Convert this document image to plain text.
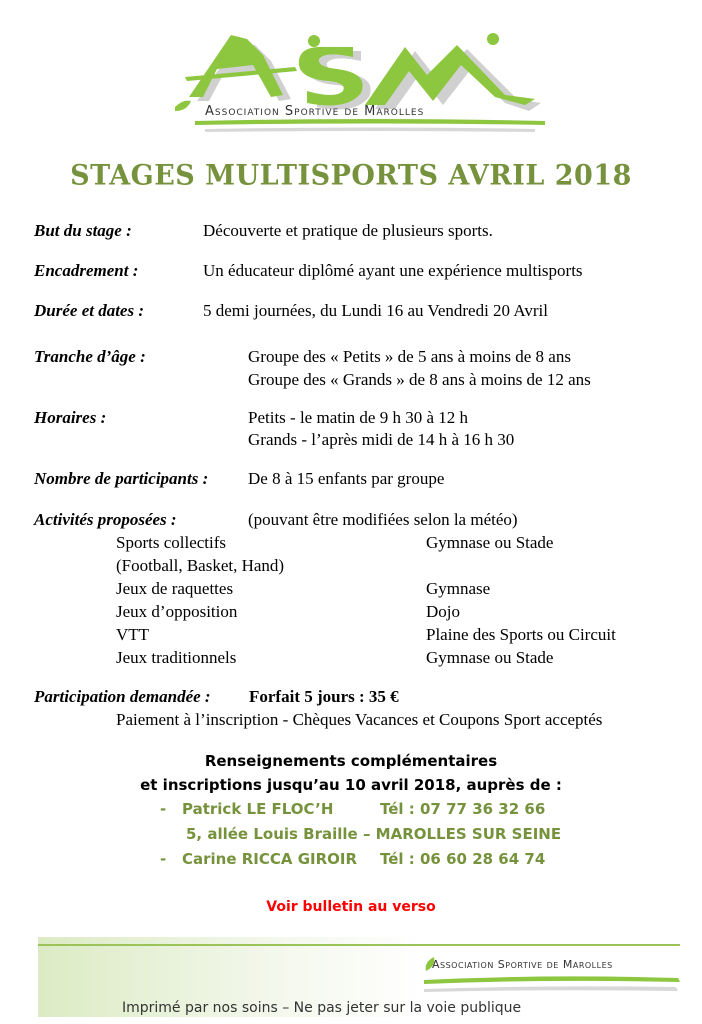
Association Sportive de Marolles
STAGES MULTISPORTS AVRIL 2018
But du stage :	Découverte et pratique de plusieurs sports.
Encadrement :	Un éducateur diplômé ayant une expérience multisports
Durée et dates :	5 demi journées, du Lundi 16 au Vendredi 20 Avril
Tranche d’âge :	Groupe des « Petits » de 5 ans à moins de 8 ans
Groupe des « Grands » de 8 ans à moins de 12 ans
Horaires :	Petits - le matin de 9 h 30 à 12 h
Grands - l’après midi de 14 h à 16 h 30
Nombre de participants : De 8 à 15 enfants par groupe
Activités proposées :	(pouvant être modifiées selon la météo)
Sports collectifs	Gymnase ou Stade
(Football, Basket, Hand)
Jeux de raquettes	Gymnase
Jeux d’opposition	Dojo
VTT	Plaine des Sports ou Circuit
Jeux traditionnels	Gymnase ou Stade
Participation demandée : Forfait 5 jours : 35 €
Paiement à l’inscription - Chèques Vacances et Coupons Sport acceptés
Renseignements complémentaires
et inscriptions jusqu’au 10 avril 2018, auprès de :
- Patrick LE FLOC’H	Tél : 07 77 36 32 66
5, allée Louis Braille – MAROLLES SUR SEINE
- Carine RICCA GIROIR Tél : 06 60 28 64 74
Voir bulletin au verso
Association Sportive de Marolles
Imprimé par nos soins – Ne pas jeter sur la voie publique
